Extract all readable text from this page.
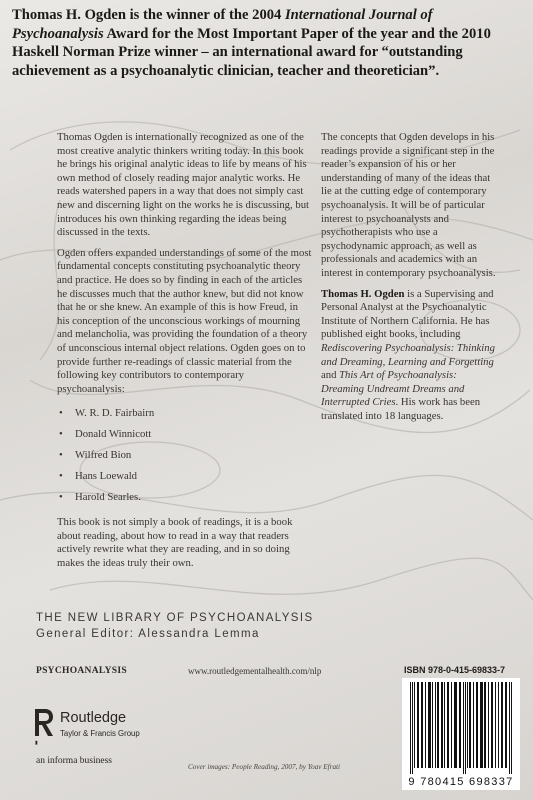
Thomas H. Ogden is the winner of the 2004 International Journal of Psychoanalysis Award for the Most Important Paper of the year and the 2010 Haskell Norman Prize winner – an international award for “outstanding achievement as a psychoanalytic clinician, teacher and theoretician”.

Thomas Ogden is internationally recognized as one of the most creative analytic thinkers writing today. In this book he brings his original analytic ideas to life by means of his own method of closely reading major analytic works. He reads watershed papers in a way that does not simply cast new and discerning light on the works he is discussing, but introduces his own thinking regarding the ideas being discussed in the texts.

Ogden offers expanded understandings of some of the most fundamental concepts constituting psychoanalytic theory and practice. He does so by finding in each of the articles he discusses much that the author knew, but did not know that he or she knew. An example of this is how Freud, in his conception of the unconscious workings of mourning and melancholia, was providing the foundation of a theory of unconscious internal object relations. Ogden goes on to provide further re-readings of classic material from the following key contributors to contemporary psychoanalysis:

• W. R. D. Fairbairn
• Donald Winnicott
• Wilfred Bion
• Hans Loewald
• Harold Searles.

This book is not simply a book of readings, it is a book about reading, about how to read in a way that readers actively rewrite what they are reading, and in so doing makes the ideas truly their own.

The concepts that Ogden develops in his readings provide a significant step in the reader’s expansion of his or her understanding of many of the ideas that lie at the cutting edge of contemporary psychoanalysis. It will be of particular interest to psychoanalysts and psychotherapists who use a psychodynamic approach, as well as professionals and academics with an interest in contemporary psychoanalysis.

Thomas H. Ogden is a Supervising and Personal Analyst at the Psychoanalytic Institute of Northern California. He has published eight books, including Rediscovering Psychoanalysis: Thinking and Dreaming, Learning and Forgetting and This Art of Psychoanalysis: Dreaming Undreamt Dreams and Interrupted Cries. His work has been translated into 18 languages.

THE NEW LIBRARY OF PSYCHOANALYSIS
General Editor: Alessandra Lemma
PSYCHOANALYSIS	www.routledgementalhealth.com/nlp	ISBN 978-0-415-69833-7
▮
Routledge
Taylor & Francis Group
an informa business
Cover images: People Reading, 2007, by Yoav Efrati
9 780415 698337
